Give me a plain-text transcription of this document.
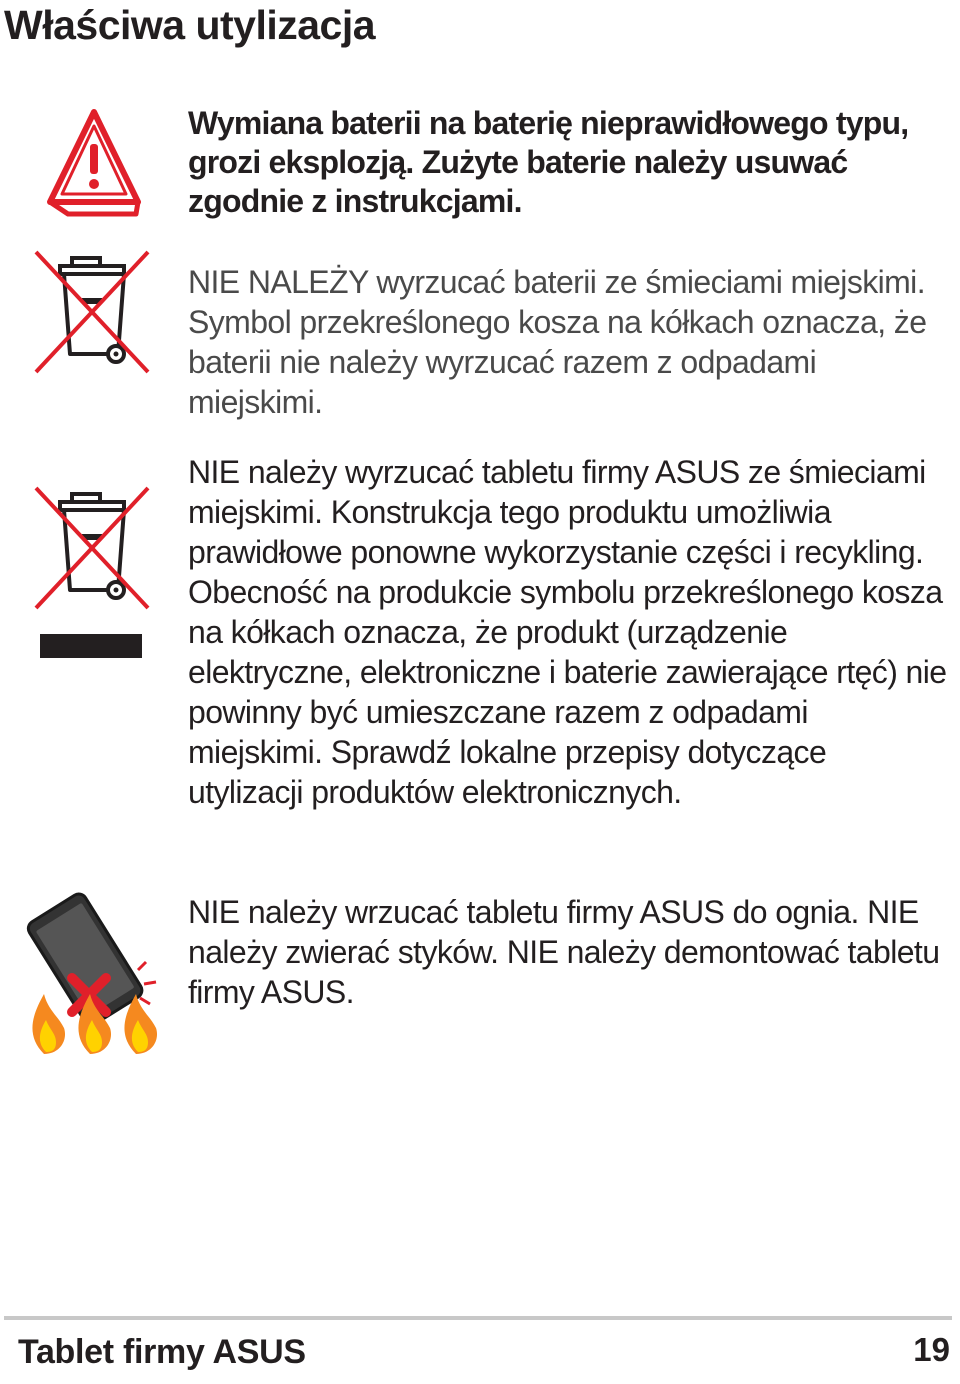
Właściwa utylizacja

Wymiana baterii na baterię nieprawidłowego typu, grozi eksplozją. Zużyte baterie należy usuwać zgodnie z instrukcjami.

NIE NALEŻY wyrzucać baterii ze śmieciami miejskimi. Symbol przekreślonego kosza na kółkach oznacza, że baterii nie należy wyrzucać razem z odpadami miejskimi.

NIE należy wyrzucać tabletu firmy ASUS ze śmieciami miejskimi. Konstrukcja tego produktu umożliwia prawidłowe ponowne wykorzystanie części i recykling. Obecność na produkcie symbolu przekreślonego kosza na kółkach oznacza, że produkt (urządzenie elektryczne, elektroniczne i baterie zawierające rtęć) nie powinny być umieszczane razem z odpadami miejskimi. Sprawdź lokalne przepisy dotyczące utylizacji produktów elektronicznych.

NIE należy wrzucać tabletu firmy ASUS do ognia. NIE należy zwierać styków. NIE należy demontować tabletu firmy ASUS.

Tablet firmy ASUS	19
